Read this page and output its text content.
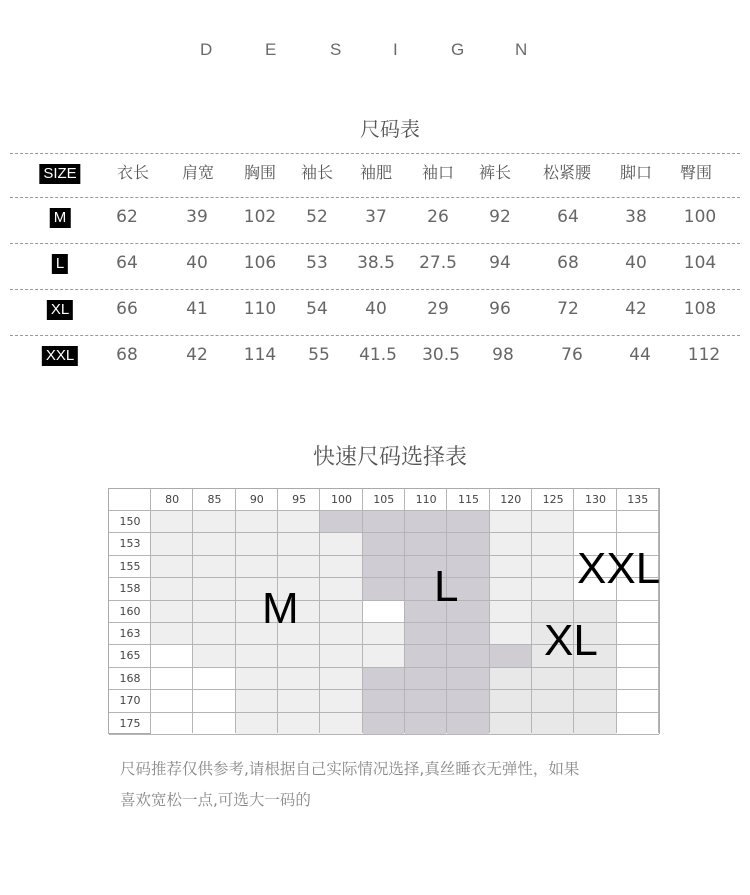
D	E	S	I	G	N
尺码表
SIZE	衣长 肩宽 胸围 袖长 袖肥 袖口 裤长 松紧腰 脚口 臀围
M	62	39 102 52 37 26 92	64	38 100
L	64	40 106 53 38.5 27.5 94	68	40 104
XL	66	41 110 54 40 29 96	72	42 108
XXL 68	42 114 55 41.5 30.5 98	76	44 112
快速尺码选择表
80	85	90	95	100	105	110	115	120	125	130	135
150
153
155
158
160
163
165
168
170
175
M	L
XL
XXL
尺码推荐仅供参考,请根据自己实际情况选择,真丝睡衣无弹性，如果
喜欢宽松一点,可选大一码的
